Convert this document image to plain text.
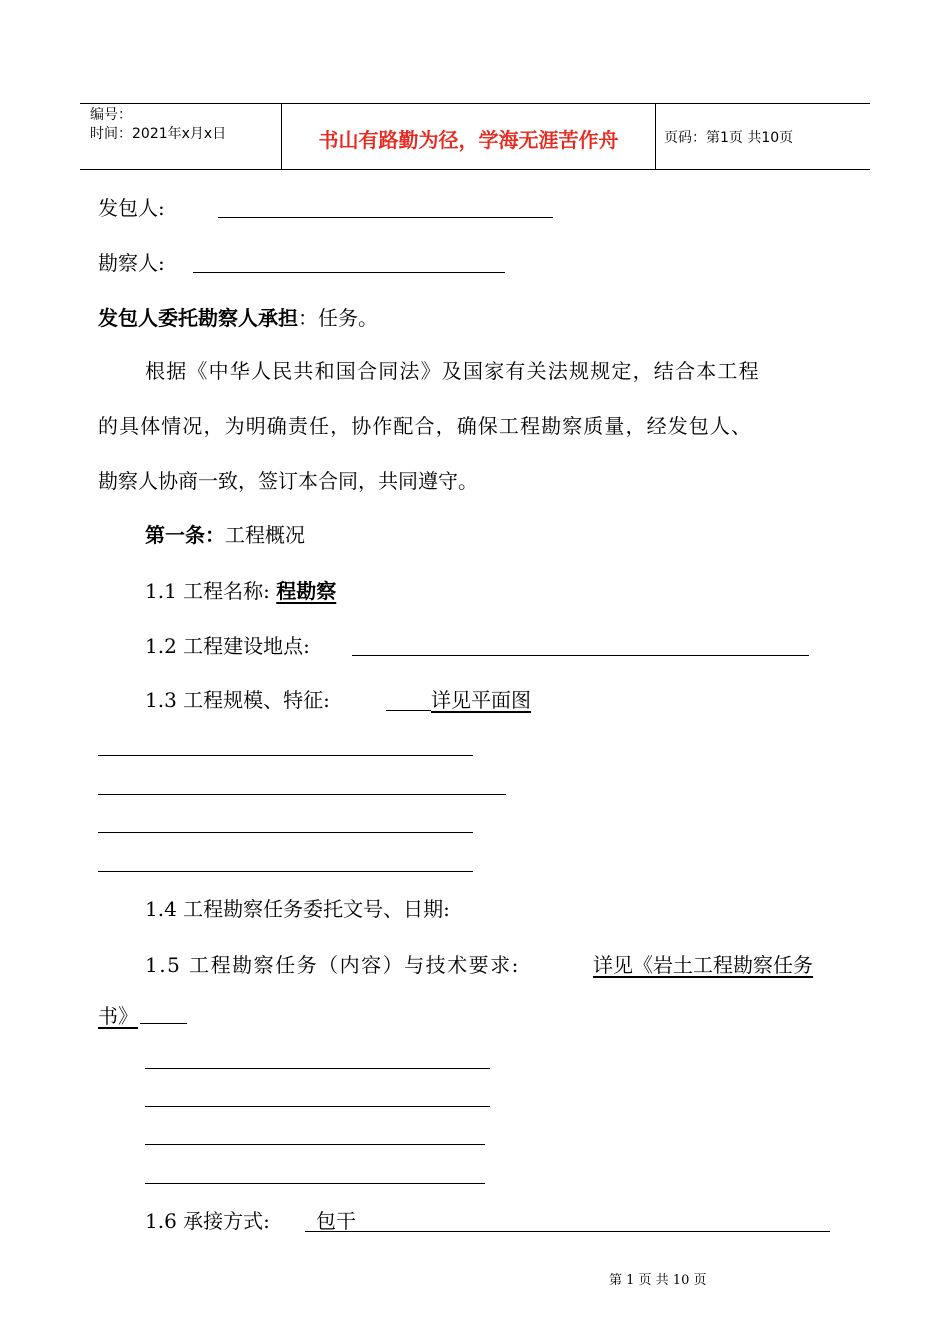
编号：
时间：2021年x月x日	书山有路勤为径，学海无涯苦作舟	页码：第1页 共10页
发包人:
勘察人:
发包人委托勘察人承担：任务。
根据《中华人民共和国合同法》及国家有关法规规定，结合本工程
的具体情况，为明确责任，协作配合，确保工程勘察质量，经发包人、
勘察人协商一致，签订本合同，共同遵守。
第一条：工程概况
1.1 工程名称: 程勘察
1.2 工程建设地点:
1.3 工程规模、特征:	详见平面图
1.4 工程勘察任务委托文号、日期:
1.5 工程勘察任务（内容）与技术要求:	详见《岩土工程勘察任务
书》
1.6 承接方式: 包干
第 1 页 共 10 页
